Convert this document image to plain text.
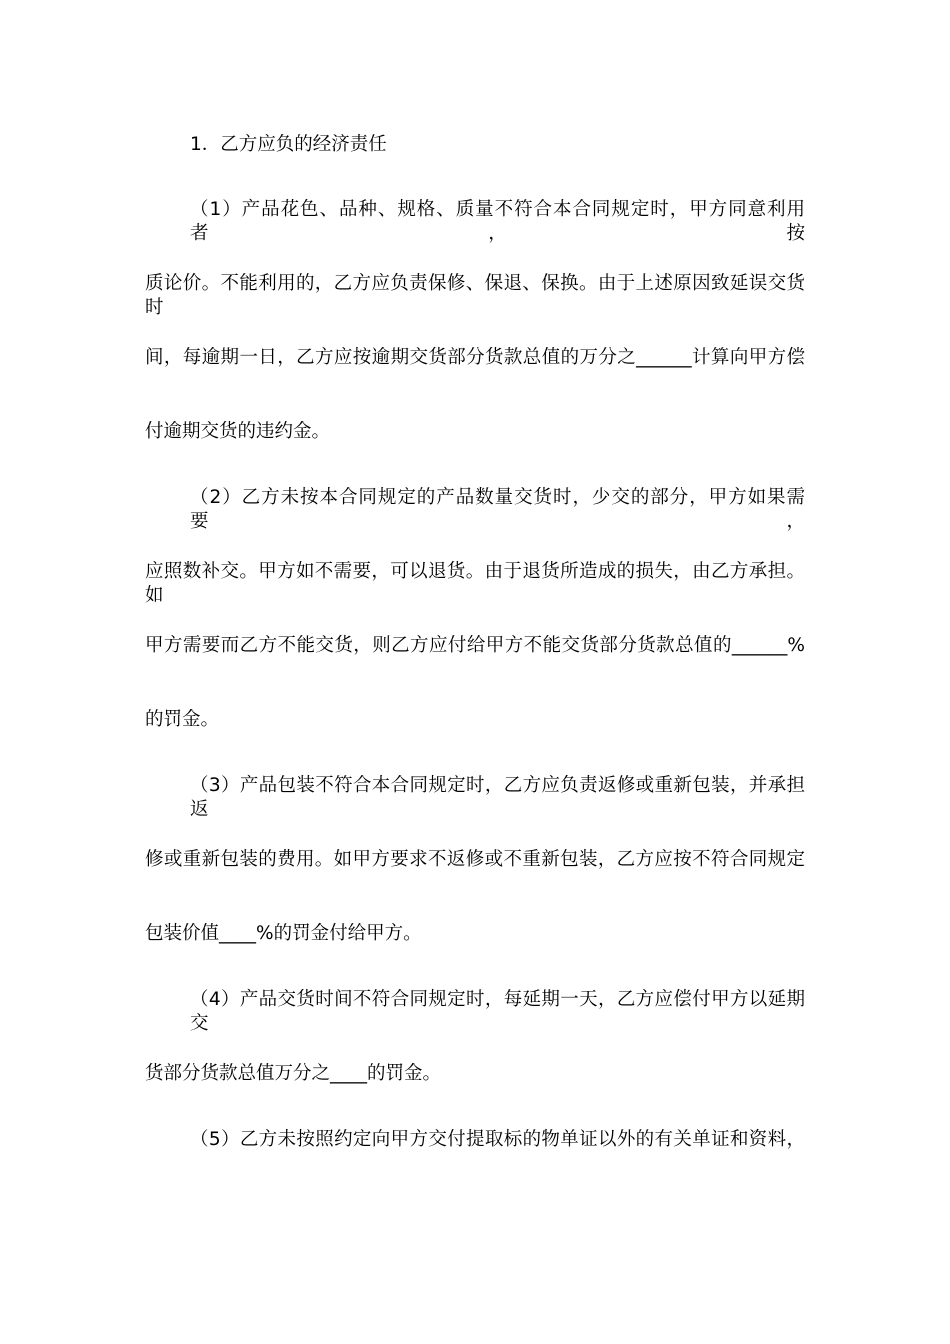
1．乙方应负的经济责任
（1）产品花色、品种、规格、质量不符合本合同规定时，甲方同意利用者，按
质论价。不能利用的，乙方应负责保修、保退、保换。由于上述原因致延误交货时
间，每逾期一日，乙方应按逾期交货部分货款总值的万分之______计算向甲方偿
付逾期交货的违约金。
（2）乙方未按本合同规定的产品数量交货时，少交的部分，甲方如果需要，
应照数补交。甲方如不需要，可以退货。由于退货所造成的损失，由乙方承担。如
甲方需要而乙方不能交货，则乙方应付给甲方不能交货部分货款总值的______%
的罚金。
（3）产品包装不符合本合同规定时，乙方应负责返修或重新包装，并承担返
修或重新包装的费用。如甲方要求不返修或不重新包装，乙方应按不符合同规定
包装价值____%的罚金付给甲方。
（4）产品交货时间不符合同规定时，每延期一天，乙方应偿付甲方以延期交
货部分货款总值万分之____的罚金。
（5）乙方未按照约定向甲方交付提取标的物单证以外的有关单证和资料，
